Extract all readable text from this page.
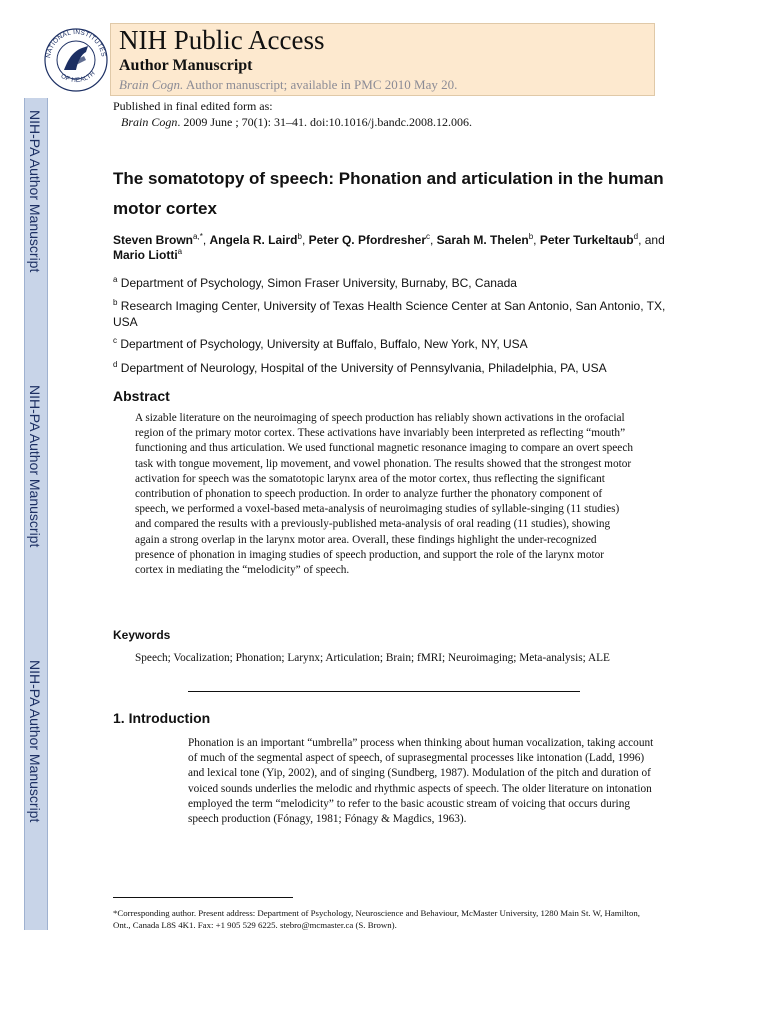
NIH-PA Author Manuscript
NIH-PA Author Manuscript
NIH-PA Author Manuscript
NATIONAL INSTITUTES
OF HEALTH
NIH Public Access
Author Manuscript
Brain Cogn. Author manuscript; available in PMC 2010 May 20.
Published in final edited form as:
Brain Cogn. 2009 June ; 70(1): 31–41. doi:10.1016/j.bandc.2008.12.006.
The somatotopy of speech: Phonation and articulation in the human motor cortex
Steven Brown$^{a,*}$, Angela R. Laird$^b$, Peter Q. Pfordresher$^c$, Sarah M. Thelen$^b$, Peter Turkeltaub$^d$, and Mario Liotti$^a$
$^a$ Department of Psychology, Simon Fraser University, Burnaby, BC, Canada
$^b$ Research Imaging Center, University of Texas Health Science Center at San Antonio, San Antonio, TX, USA
$^c$ Department of Psychology, University at Buffalo, Buffalo, New York, NY, USA
$^d$ Department of Neurology, Hospital of the University of Pennsylvania, Philadelphia, PA, USA
Abstract
A sizable literature on the neuroimaging of speech production has reliably shown activations in the orofacial region of the primary motor cortex. These activations have invariably been interpreted as reflecting “mouth” functioning and thus articulation. We used functional magnetic resonance imaging to compare an overt speech task with tongue movement, lip movement, and vowel phonation. The results showed that the strongest motor activation for speech was the somatotopic larynx area of the motor cortex, thus reflecting the significant contribution of phonation to speech production. In order to analyze further the phonatory component of speech, we performed a voxel-based meta-analysis of neuroimaging studies of syllable-singing (11 studies) and compared the results with a previously-published meta-analysis of oral reading (11 studies), showing again a strong overlap in the larynx motor area. Overall, these findings highlight the under-recognized presence of phonation in imaging studies of speech production, and support the role of the larynx motor cortex in mediating the “melodicity” of speech.
Keywords
Speech; Vocalization; Phonation; Larynx; Articulation; Brain; fMRI; Neuroimaging; Meta-analysis; ALE
1. Introduction
Phonation is an important “umbrella” process when thinking about human vocalization, taking account of much of the segmental aspect of speech, of suprasegmental processes like intonation (Ladd, 1996) and lexical tone (Yip, 2002), and of singing (Sundberg, 1987). Modulation of the pitch and duration of voiced sounds underlies the melodic and rhythmic aspects of speech. The older literature on intonation employed the term “melodicity” to refer to the basic acoustic stream of voicing that occurs during speech production (Fónagy, 1981; Fónagy & Magdics, 1963).
*Corresponding author. Present address: Department of Psychology, Neuroscience and Behaviour, McMaster University, 1280 Main St. W, Hamilton, Ont., Canada L8S 4K1. Fax: +1 905 529 6225. stebro@mcmaster.ca (S. Brown).
